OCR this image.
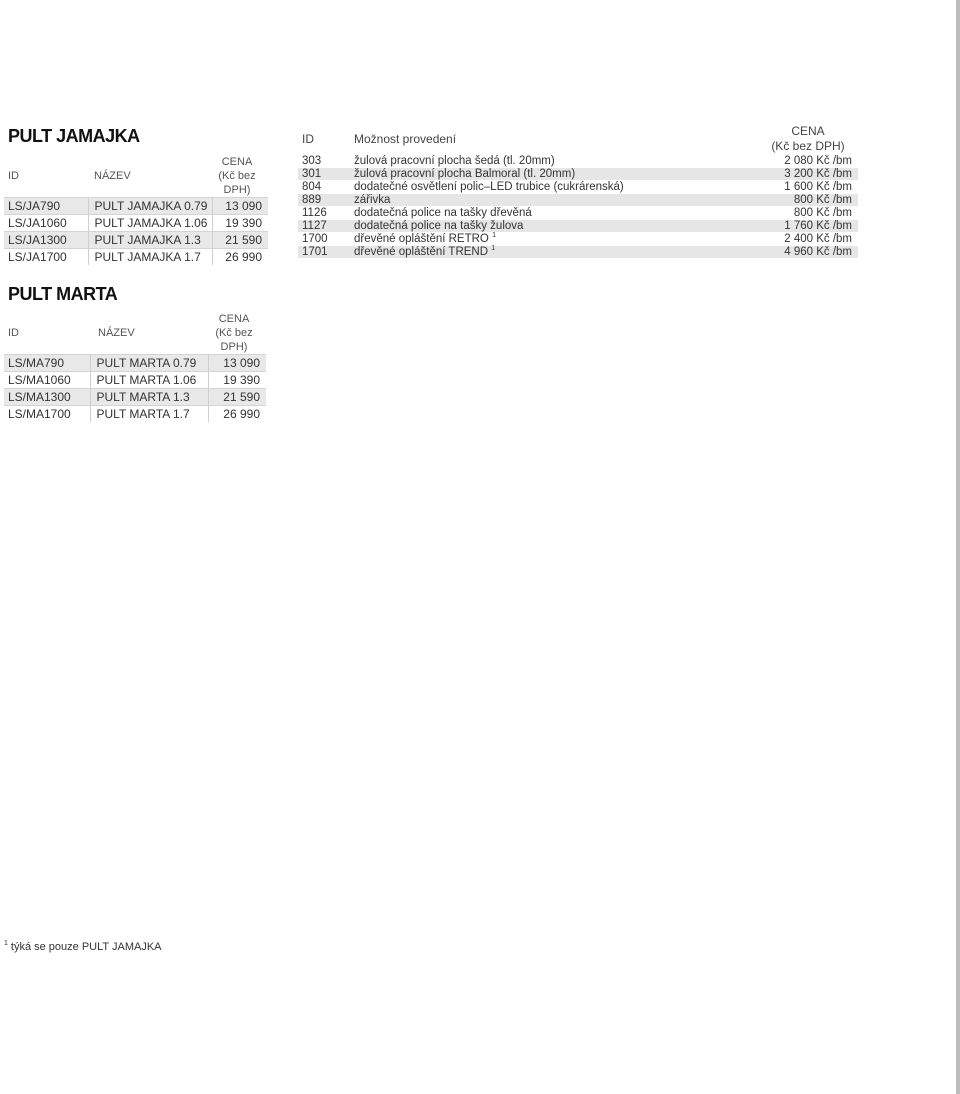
PULT JAMAJKA
ID	NÁZEV	CENA
(Kč bez
DPH)

LS/JA790	PULT JAMAJKA 0.79	13 090
LS/JA1060	PULT JAMAJKA 1.06	19 390
LS/JA1300	PULT JAMAJKA 1.3	21 590
LS/JA1700	PULT JAMAJKA 1.7	26 990
PULT MARTA
ID	NÁZEV	CENA
(Kč bez
DPH)

LS/MA790	PULT MARTA 0.79	13 090
LS/MA1060	PULT MARTA 1.06	19 390
LS/MA1300	PULT MARTA 1.3	21 590
LS/MA1700	PULT MARTA 1.7	26 990
ID	Možnost provedení	CENA
(Kč bez DPH)

303	žulová pracovní plocha šedá (tl. 20mm)	2 080 Kč /bm
301	žulová pracovní plocha Balmoral (tl. 20mm)	3 200 Kč /bm
804	dodatečné osvětlení polic–LED trubice (cukrárenská)	1 600 Kč /bm
889	zářivka	800 Kč /bm
1126	dodatečná police na tašky dřevěná	800 Kč /bm
1127	dodatečná police na tašky žulova	1 760 Kč /bm
1700	dřevěné opláštění RETRO $^1$	2 400 Kč /bm
1701	dřevěné opláštění TREND $^1$	4 960 Kč /bm
$^1$ týká se pouze PULT JAMAJKA
